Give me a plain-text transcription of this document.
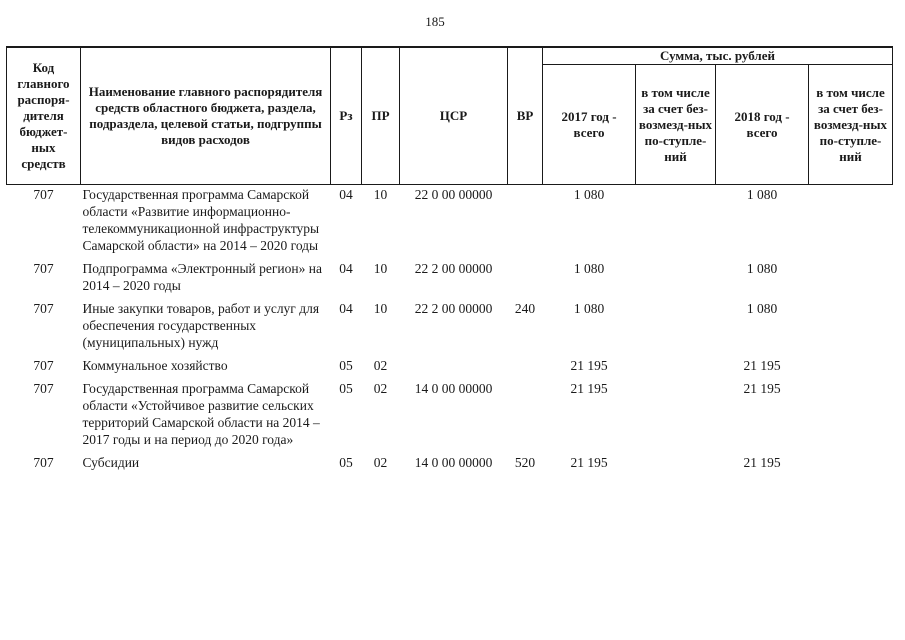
185
Код главного распоря-дителя бюджет-ных средств	Наименование главного распорядителя средств областного бюджета, раздела, подраздела, целевой статьи, подгруппы видов расходов	Рз	ПР	ЦСР	ВР	Сумма, тыс. рублей			
						2017 год - всего	в том числе за счет без-возмезд-ных по-ступле-ний	2018 год - всего	в том числе за счет без-возмезд-ных по-ступле-ний
707	Государственная программа Самарской области «Развитие информационно-телекоммуникационной инфраструктуры Самарской области» на 2014 – 2020 годы	04	10	22 0 00 00000		1 080		1 080	
707	Подпрограмма «Электронный регион» на 2014 – 2020 годы	04	10	22 2 00 00000		1 080		1 080	
707	Иные закупки товаров, работ и услуг для обеспечения государственных (муниципальных) нужд	04	10	22 2 00 00000	240	1 080		1 080	
707	Коммунальное хозяйство	05	02			21 195		21 195	
707	Государственная программа Самарской области «Устойчивое развитие сельских территорий Самарской области на 2014 – 2017 годы и на период до 2020 года»	05	02	14 0 00 00000		21 195		21 195	
707	Субсидии	05	02	14 0 00 00000	520	21 195		21 195	
